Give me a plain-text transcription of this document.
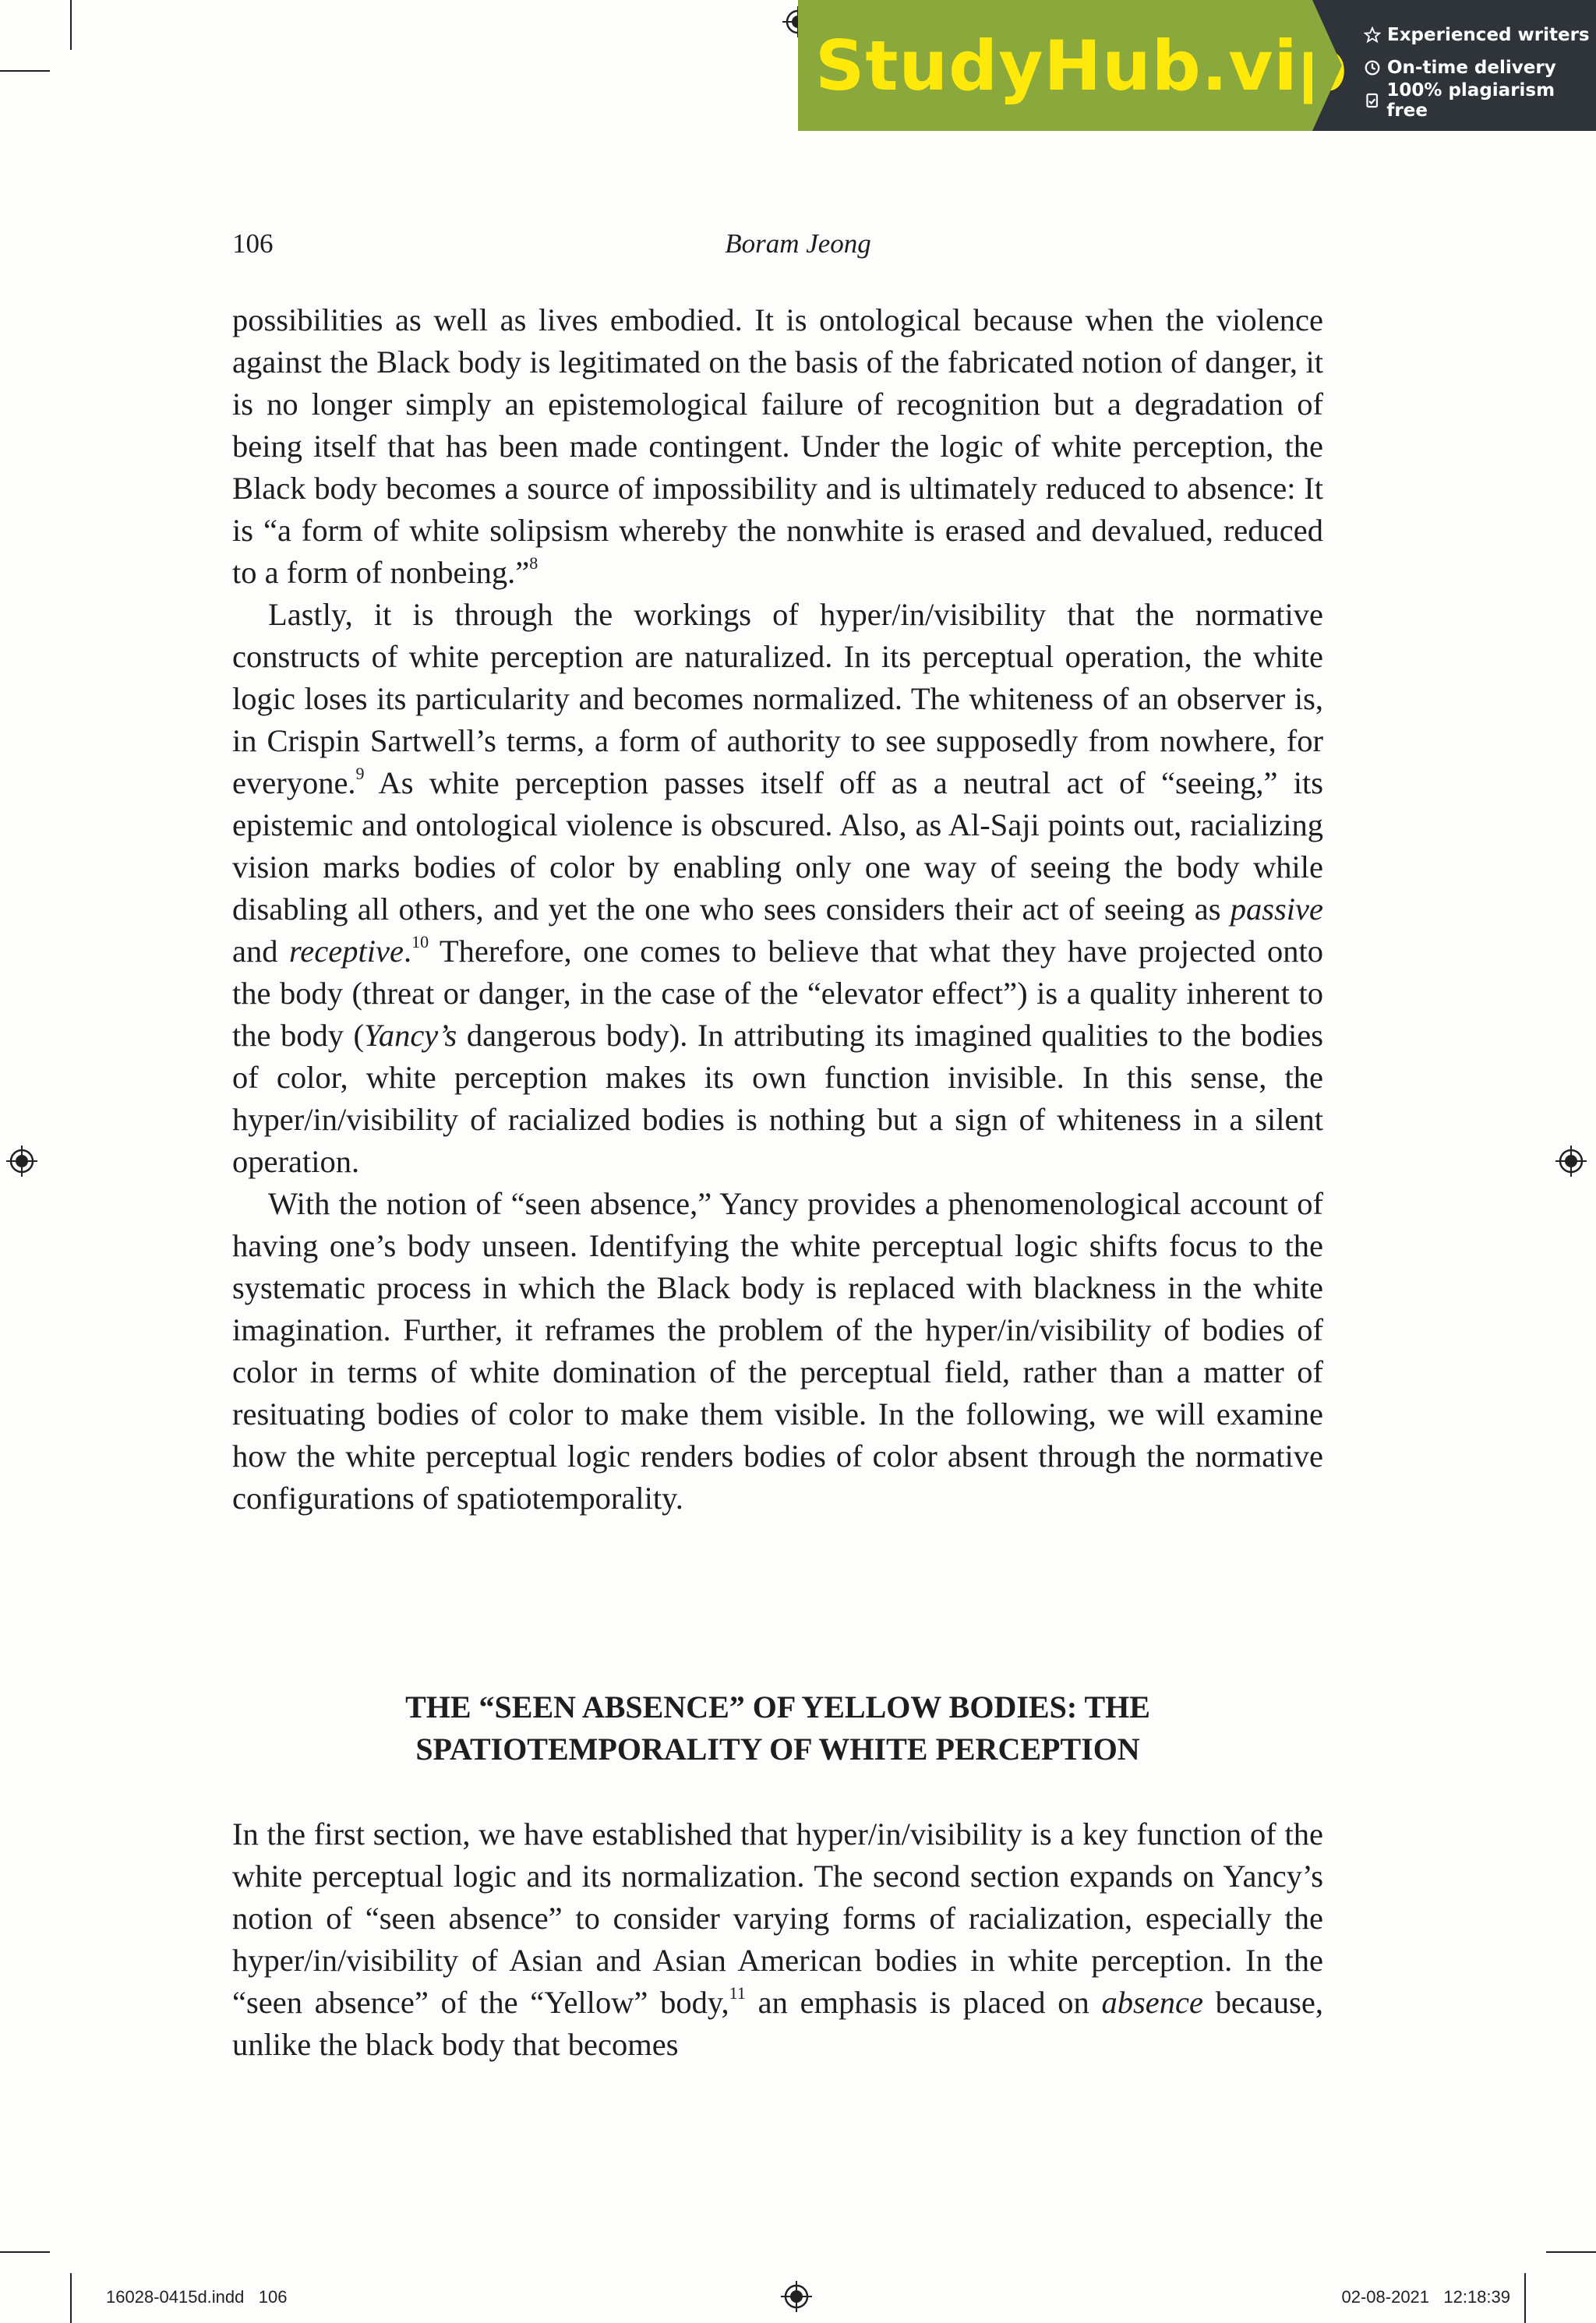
StudyHub.vip Experienced writers
On-time delivery
100% plagiarism free
106	Boram Jeong

possibilities as well as lives embodied. It is ontological because when the violence against the Black body is legitimated on the basis of the fabricated notion of danger, it is no longer simply an epistemological failure of recognition but a degradation of being itself that has been made contingent. Under the logic of white perception, the Black body becomes a source of impossibility and is ultimately reduced to absence: It is “a form of white solipsism whereby the nonwhite is erased and devalued, reduced to a form of nonbeing.”$^8$

Lastly, it is through the workings of hyper/in/visibility that the normative constructs of white perception are naturalized. In its perceptual operation, the white logic loses its particularity and becomes normalized. The whiteness of an observer is, in Crispin Sartwell’s terms, a form of authority to see supposedly from nowhere, for everyone.$^9$ As white perception passes itself off as a neutral act of “seeing,” its epistemic and ontological violence is obscured. Also, as Al-Saji points out, racializing vision marks bodies of color by enabling only one way of seeing the body while disabling all others, and yet the one who sees considers their act of seeing as passive and receptive.$^{10}$ Therefore, one comes to believe that what they have projected onto the body (threat or danger, in the case of the “elevator effect”) is a quality inherent to the body (Yancy’s dangerous body). In attributing its imagined qualities to the bodies of color, white perception makes its own function invisible. In this sense, the hyper/in/visibility of racialized bodies is nothing but a sign of whiteness in a silent operation.

With the notion of “seen absence,” Yancy provides a phenomenological account of having one’s body unseen. Identifying the white perceptual logic shifts focus to the systematic process in which the Black body is replaced with blackness in the white imagination. Further, it reframes the problem of the hyper/in/visibility of bodies of color in terms of white domination of the perceptual field, rather than a matter of resituating bodies of color to make them visible. In the following, we will examine how the white perceptual logic renders bodies of color absent through the normative configurations of spatiotemporality.

THE “SEEN ABSENCE” OF YELLOW BODIES: THE
SPATIOTEMPORALITY OF WHITE PERCEPTION

In the first section, we have established that hyper/in/visibility is a key function of the white perceptual logic and its normalization. The second section expands on Yancy’s notion of “seen absence” to consider varying forms of racialization, especially the hyper/in/visibility of Asian and Asian American bodies in white perception. In the “seen absence” of the “Yellow” body,$^{11}$ an emphasis is placed on absence because, unlike the black body that becomes

16028-0415d.indd   106	02-08-2021   12:18:39
